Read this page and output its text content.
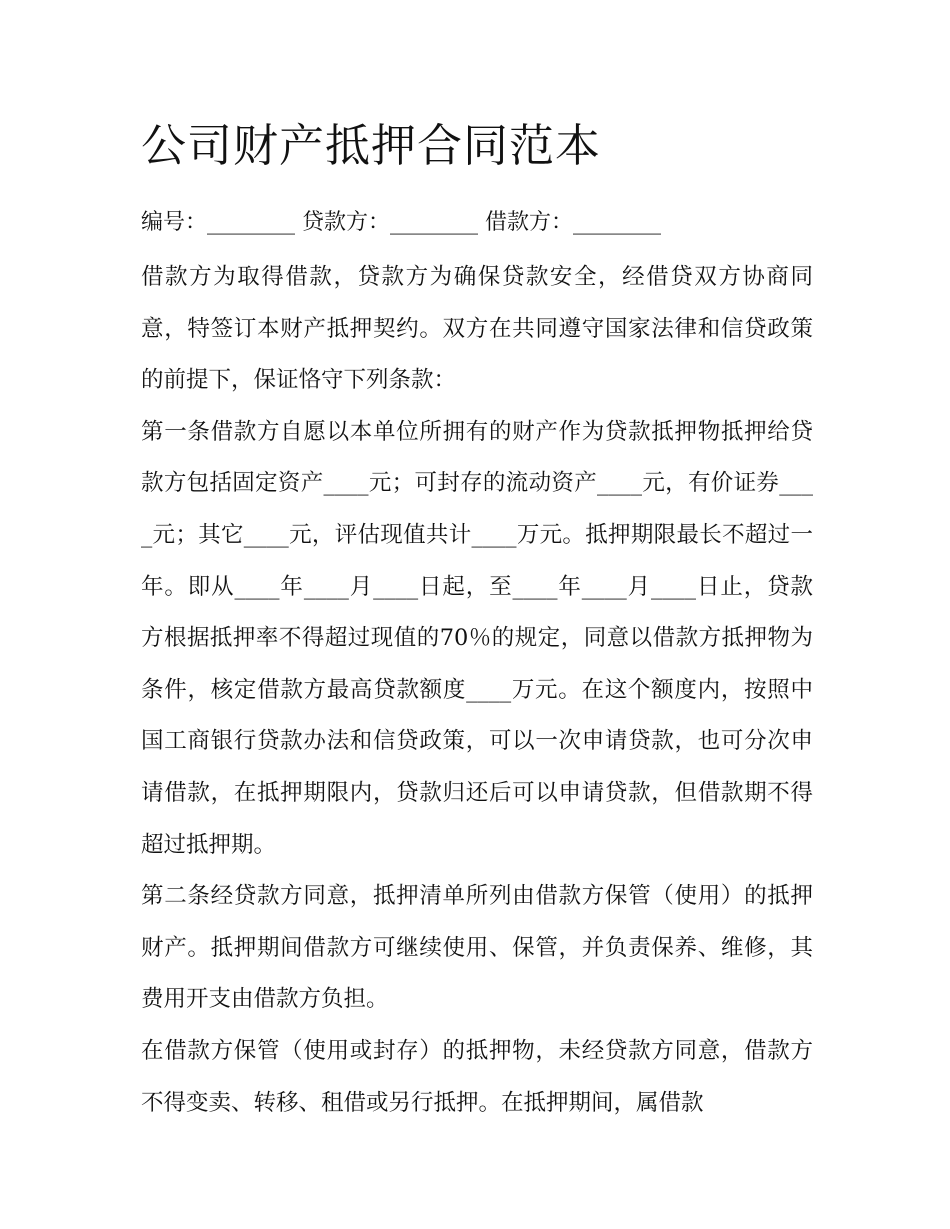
公司财产抵押合同范本
编号：________ 贷款方：________ 借款方：________

借款方为取得借款，贷款方为确保贷款安全，经借贷双方协商同意，特签订本财产抵押契约。双方在共同遵守国家法律和信贷政策的前提下，保证恪守下列条款：

第一条借款方自愿以本单位所拥有的财产作为贷款抵押物抵押给贷款方包括固定资产____元；可封存的流动资产____元，有价证券____元；其它____元，评估现值共计____万元。抵押期限最长不超过一年。即从____年____月____日起，至____年____月____日止，贷款方根据抵押率不得超过现值的70％的规定，同意以借款方抵押物为条件，核定借款方最高贷款额度____万元。在这个额度内，按照中国工商银行贷款办法和信贷政策，可以一次申请贷款，也可分次申请借款，在抵押期限内，贷款归还后可以申请贷款，但借款期不得超过抵押期。

第二条经贷款方同意，抵押清单所列由借款方保管（使用）的抵押财产。抵押期间借款方可继续使用、保管，并负责保养、维修，其费用开支由借款方负担。

在借款方保管（使用或封存）的抵押物，未经贷款方同意，借款方不得变卖、转移、租借或另行抵押。在抵押期间，属借款
